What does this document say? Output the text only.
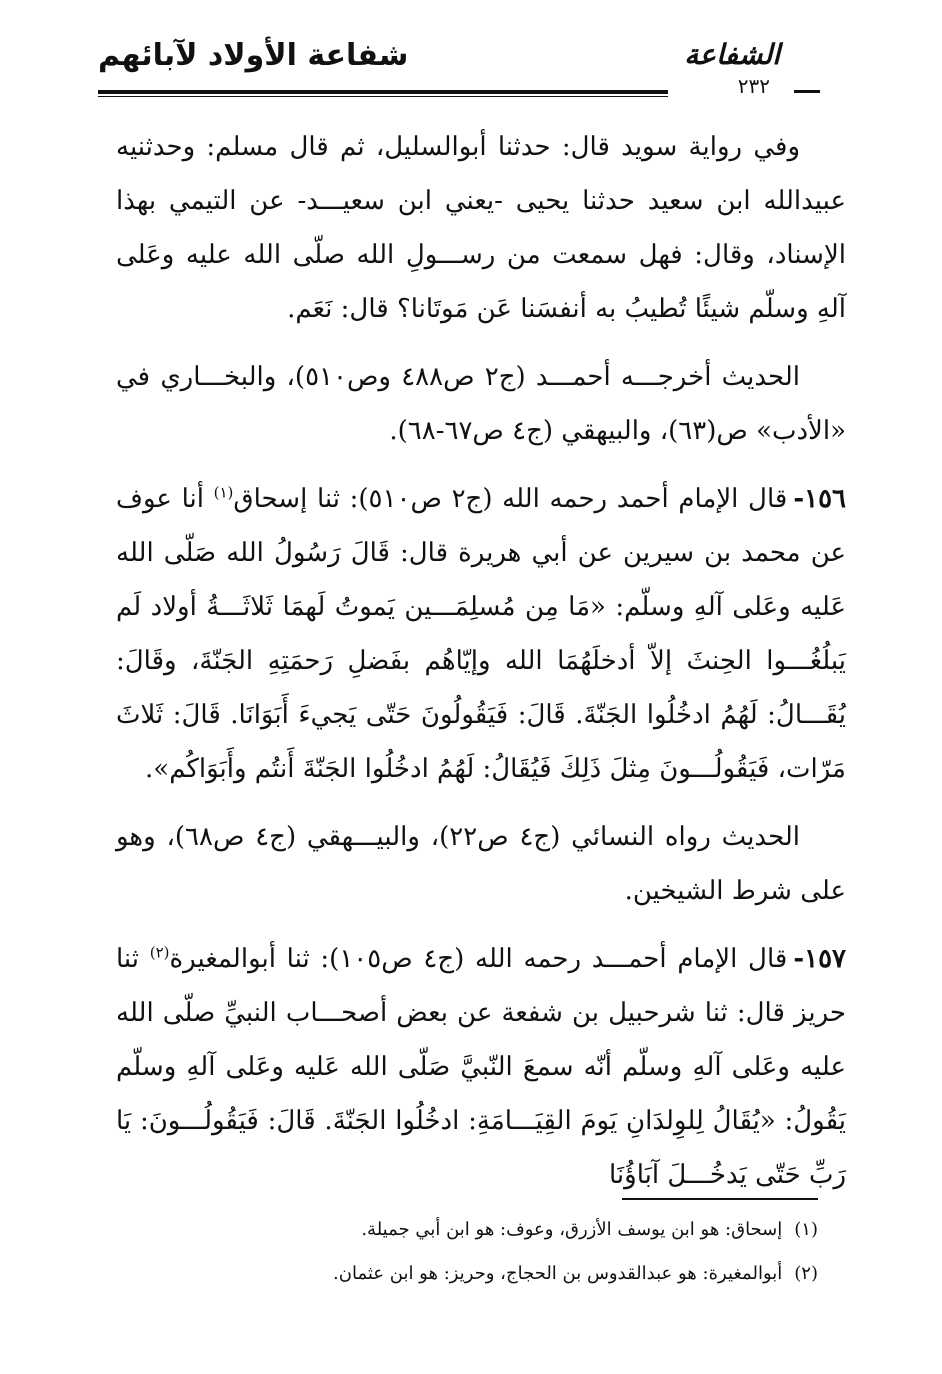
شفاعة الأولاد لآبائهم	الشفاعة
٢٣٢

وفي رواية سويد قال: حدثنا أبوالسليل، ثم قال مسلم: وحدثنيه عبيدالله ابن سعيد حدثنا يحيى -يعني ابن سعيـــد- عن التيمي بهذا الإسناد، وقال: فهل سمعت من رســـولِ الله صلّى الله عليه وعَلى آلهِ وسلّم شيئًا تُطيبُ به أنفسَنا عَن مَوتَانا؟ قال: نَعَم.

الحديث أخرجـــه أحمـــد (ج٢ ص٤٨٨ وص٥١٠)، والبخـــاري في «الأدب» ص(٦٣)، والبيهقي (ج٤ ص٦٧-٦٨).

١٥٦-قال الإمام أحمد رحمه الله (ج٢ ص٥١٠): ثنا إسحاق$^{(١)}$ أنا عوف عن محمد بن سيرين عن أبي هريرة قال: قَالَ رَسُولُ الله صَلّى الله عَليه وعَلى آلهِ وسلّم: «مَا مِن مُسلِمَـــين يَموتُ لَهمَا ثَلاثَـــةُ أولاد لَم يَبلُغُـــوا الحِنثَ إلاّ أدخلَهُمَا الله وإيّاهُم بفَضلِ رَحمَتِهِ الجَنّةَ، وقَالَ: يُقَـــالُ: لَهُمُ ادخُلُوا الجَنّةَ. قَالَ: فَيَقُولُونَ حَتّى يَجيءَ أَبَوَانَا. قَالَ: ثَلاثَ مَرّات، فَيَقُولُـــونَ مِثلَ ذَلِكَ فَيُقَالُ: لَهُمُ ادخُلُوا الجَنّةَ أَنتُم وأَبَوَاكُم».

الحديث رواه النسائي (ج٤ ص٢٢)، والبيـــهقي (ج٤ ص٦٨)، وهو على شرط الشيخين.

١٥٧-قال الإمام أحمـــد رحمه الله (ج٤ ص١٠٥): ثنا أبوالمغيرة$^{(٢)}$ ثنا حريز قال: ثنا شرحبيل بن شفعة عن بعض أصحـــاب النبيِّ صلّى الله عليه وعَلى آلهِ وسلّم أنّه سمعَ النّبيَّ صَلّى الله عَليه وعَلى آلهِ وسلّم يَقُولُ: «يُقَالُ لِلوِلدَانِ يَومَ القِيَـــامَةِ: ادخُلُوا الجَنّةَ. قَالَ: فَيَقُولُـــونَ: يَا رَبِّ حَتّى يَدخُـــلَ آبَاؤُنَا

(١)إسحاق: هو ابن يوسف الأزرق، وعوف: هو ابن أبي جميلة.

(٢)أبوالمغيرة: هو عبدالقدوس بن الحجاج، وحريز: هو ابن عثمان.
